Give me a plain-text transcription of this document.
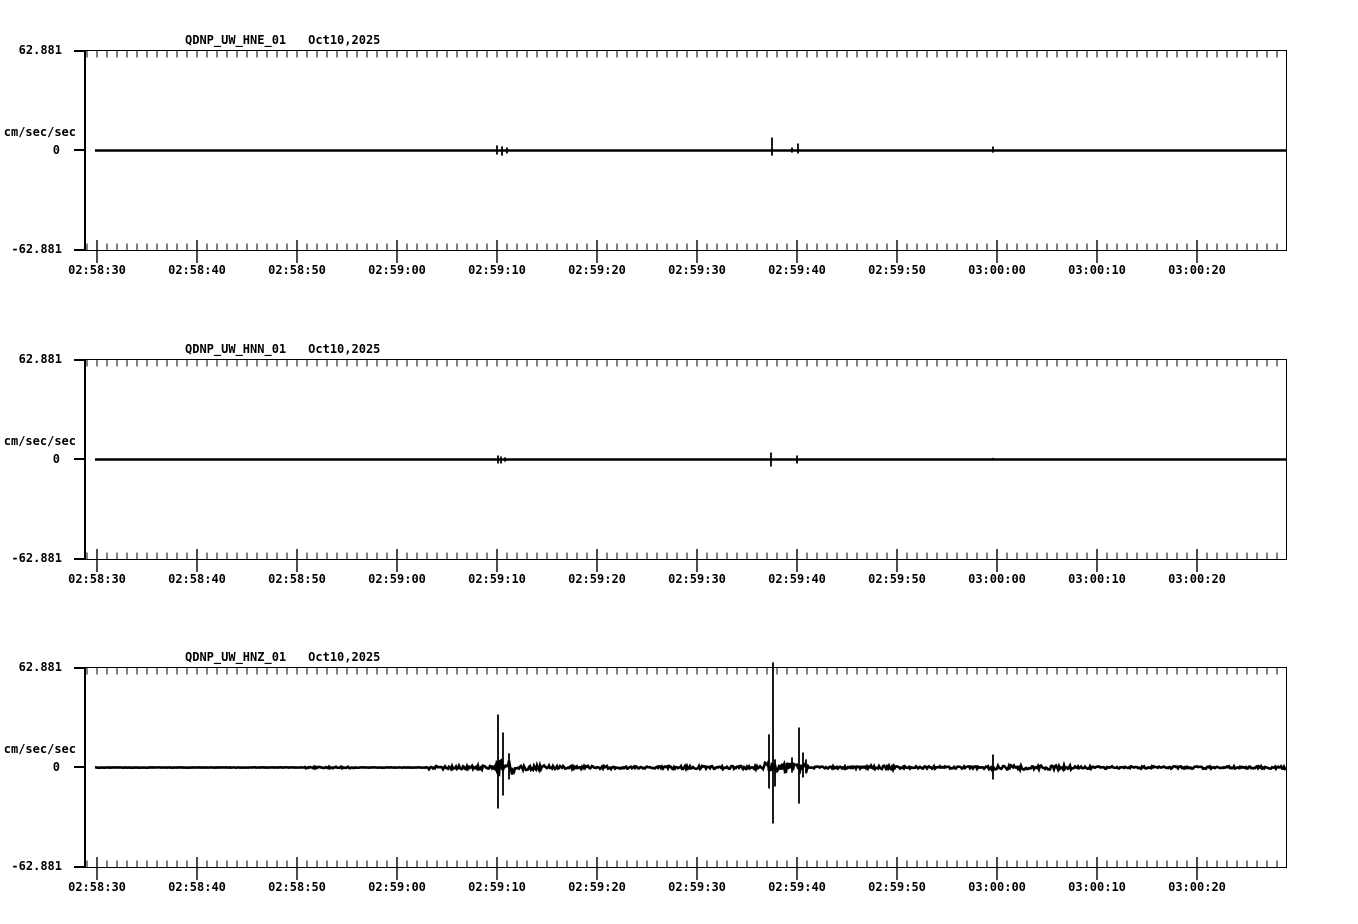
QDNP_UW_HNE_01 Oct10,2025
62.881
cm/sec/sec
0
-62.881
02:58:30	02:58:40	02:58:50	02:59:00	02:59:10	02:59:20	02:59:30	02:59:40	02:59:50	03:00:00	03:00:10	03:00:20
QDNP_UW_HNN_01 Oct10,2025
62.881
cm/sec/sec
0
-62.881
02:58:30	02:58:40	02:58:50	02:59:00	02:59:10	02:59:20	02:59:30	02:59:40	02:59:50	03:00:00	03:00:10	03:00:20
QDNP_UW_HNZ_01 Oct10,2025
62.881
cm/sec/sec
0
-62.881
02:58:30	02:58:40	02:58:50	02:59:00	02:59:10	02:59:20	02:59:30	02:59:40	02:59:50	03:00:00	03:00:10	03:00:20
